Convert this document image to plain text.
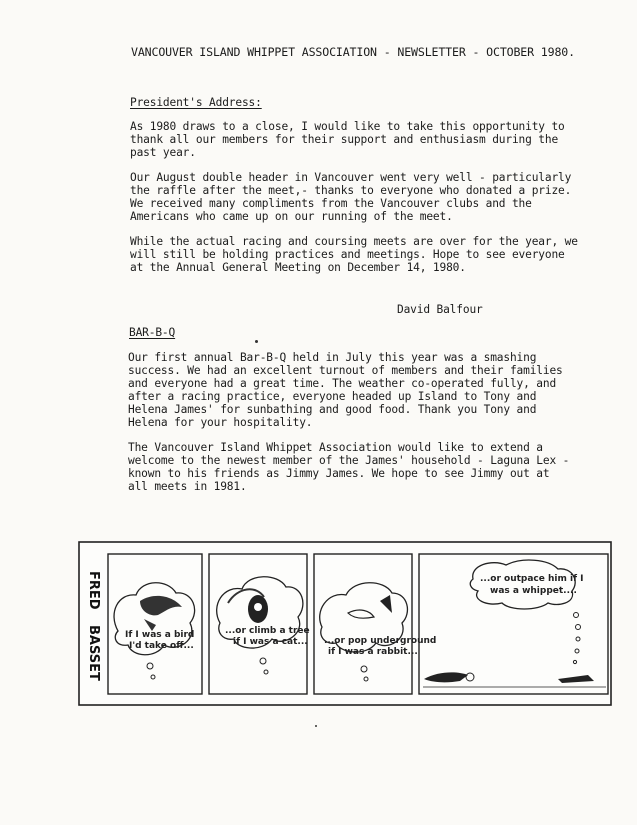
VANCOUVER ISLAND WHIPPET ASSOCIATION - NEWSLETTER - OCTOBER 1980.
President's Address:
As 1980 draws to a close, I would like to take this opportunity to
thank all our members for their support and enthusiasm during the
past year.
Our August double header in Vancouver went very well - particularly
the raffle after the meet,- thanks to everyone who donated a prize.
We received many compliments from the Vancouver clubs and the
Americans who came up on our running of the meet.
While the actual racing and coursing meets are over for the year, we
will still be holding practices and meetings. Hope to see everyone
at the Annual General Meeting on December 14, 1980.
David Balfour
BAR-B-Q
Our first annual Bar-B-Q held in July this year was a smashing
success. We had an excellent turnout of members and their families
and everyone had a great time. The weather co-operated fully, and
after a racing practice, everyone headed up Island to Tony and
Helena James' for sunbathing and good food. Thank you Tony and
Helena for your hospitality.
The Vancouver Island Whippet Association would like to extend a
welcome to the newest member of the James' household - Laguna Lex -
known to his friends as Jimmy James. We hope to see Jimmy out at
all meets in 1981.
FRED
BASSET	If I was a bird
I'd take off...
...or climb a tree
if I was a cat... ...or pop underground
if I was a rabbit...
...or outpace him if I
was a whippet....
